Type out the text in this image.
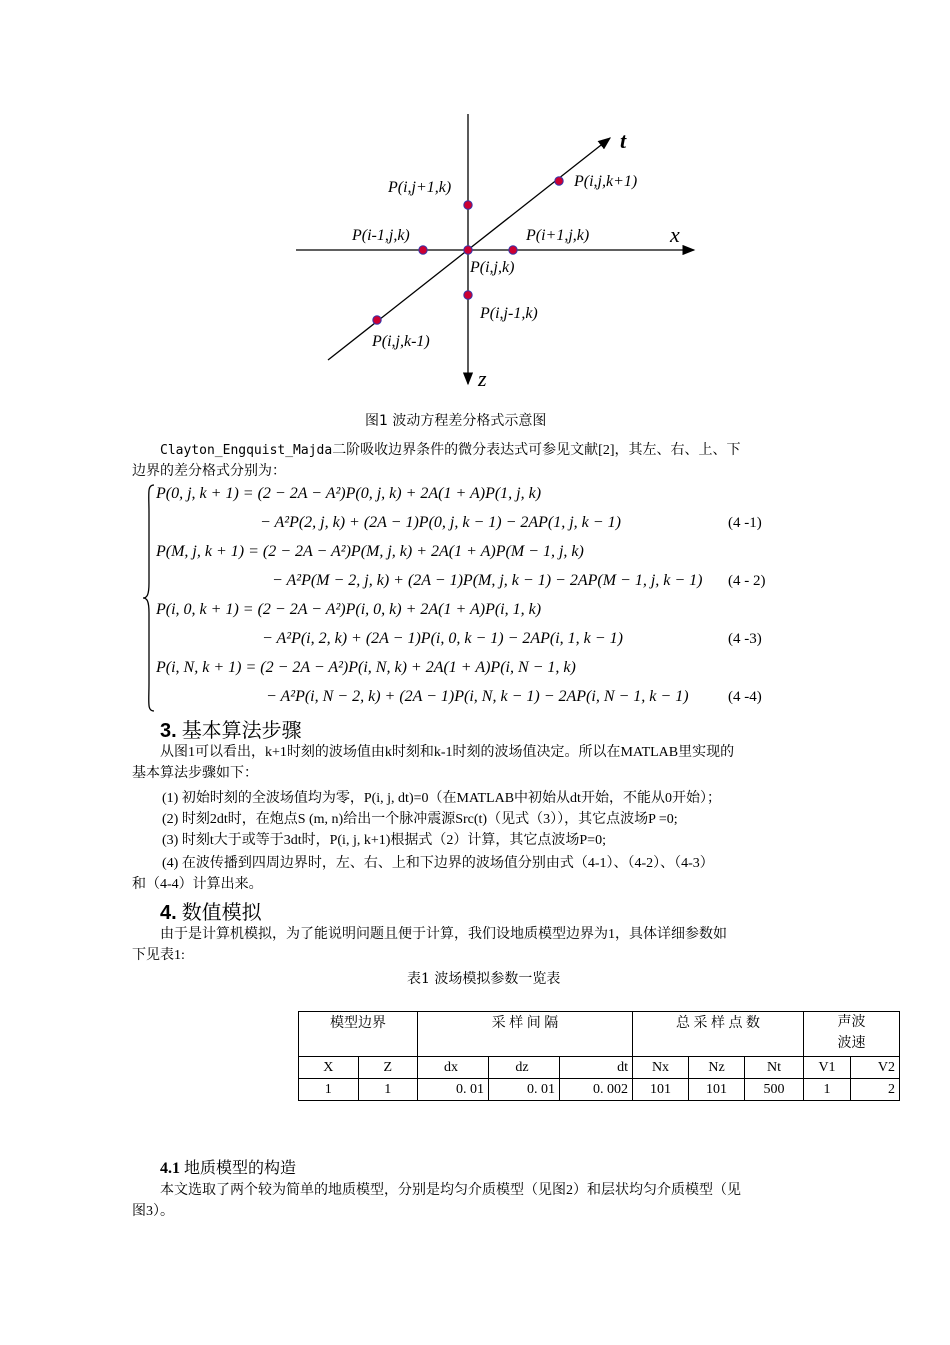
t
x
z
P(i,j+1,k)	P(i,j,k+1)
P(i-1,j,k)	P(i+1,j,k)
P(i,j,k)
P(i,j-1,k)
P(i,j,k-1)
图1 波动方程差分格式示意图
Clayton_Engquist_Majda二阶吸收边界条件的微分表达式可参见文献[2]，其左、右、上、下
边界的差分格式分别为：
P(0, j, k + 1) = (2 − 2A − A²)P(0, j, k) + 2A(1 + A)P(1, j, k)
− A²P(2, j, k) + (2A − 1)P(0, j, k − 1) − 2AP(1, j, k − 1)	(4 -1)
P(M, j, k + 1) = (2 − 2A − A²)P(M, j, k) + 2A(1 + A)P(M − 1, j, k)
− A²P(M − 2, j, k) + (2A − 1)P(M, j, k − 1) − 2AP(M − 1, j, k − 1) (4 - 2)
P(i, 0, k + 1) = (2 − 2A − A²)P(i, 0, k) + 2A(1 + A)P(i, 1, k)
− A²P(i, 2, k) + (2A − 1)P(i, 0, k − 1) − 2AP(i, 1, k − 1)	(4 -3)
P(i, N, k + 1) = (2 − 2A − A²)P(i, N, k) + 2A(1 + A)P(i, N − 1, k)
− A²P(i, N − 2, k) + (2A − 1)P(i, N, k − 1) − 2AP(i, N − 1, k − 1)	(4 -4)
3. 基本算法步骤
从图1可以看出，k+1时刻的波场值由k时刻和k-1时刻的波场值决定。所以在MATLAB里实现的
基本算法步骤如下：
(1) 初始时刻的全波场值均为零，P(i, j, dt)=0（在MATLAB中初始从dt开始，不能从0开始）；
(2) 时刻2dt时，在炮点S (m, n)给出一个脉冲震源Src(t)（见式（3）），其它点波场P =0;
(3) 时刻t大于或等于3dt时，P(i, j, k+1)根据式（2）计算，其它点波场P=0;
(4) 在波传播到四周边界时，左、右、上和下边界的波场值分别由式（4-1）、（4-2）、（4-3）
和（4-4）计算出来。
4. 数值模拟
由于是计算机模拟，为了能说明问题且便于计算，我们设地质模型边界为1，具体详细参数如
下见表1:
表1 波场模拟参数一览表
模型边界		采 样 间 隔			总 采 样 点 数			声波
波速	
X	Z	dx	dz	dt	Nx	Nz	Nt	V1	V2
1	1	0. 01	0. 01	0. 002	101	101	500	1	2
4.1 地质模型的构造
本文选取了两个较为简单的地质模型，分别是均匀介质模型（见图2）和层状均匀介质模型（见
图3）。
